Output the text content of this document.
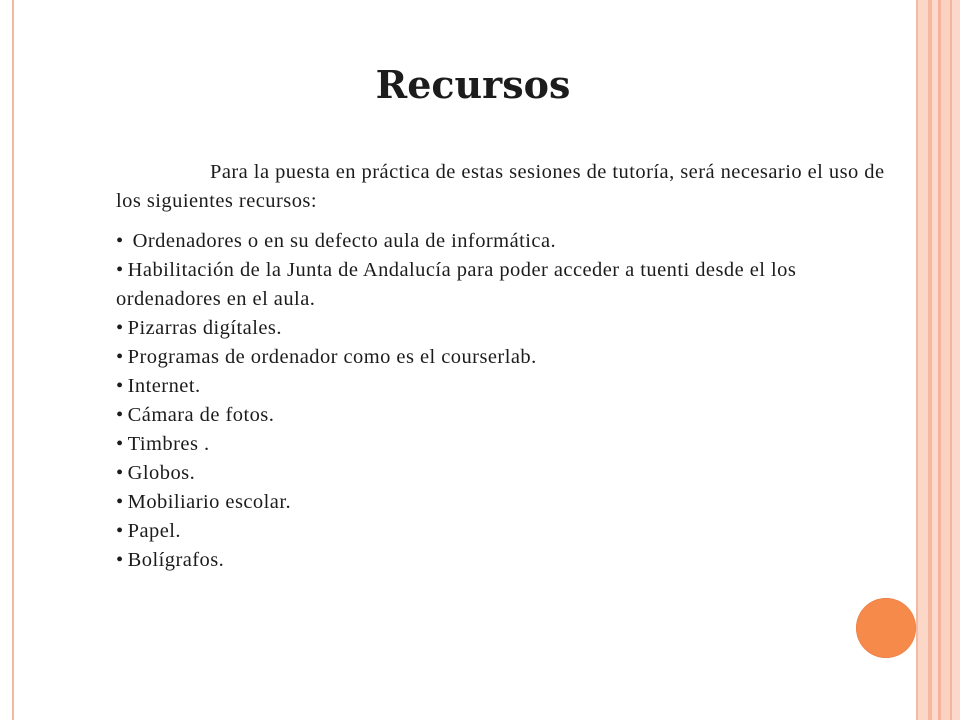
Recursos

Para la puesta en práctica de estas sesiones de tutoría, será necesario el uso de los siguientes recursos:

• Ordenadores o en su defecto aula de informática.
• Habilitación de la Junta de Andalucía para poder acceder a tuenti desde el los ordenadores en el aula.
• Pizarras digítales.
• Programas de ordenador como es el courserlab.
• Internet.
• Cámara de fotos.
• Timbres .
• Globos.
• Mobiliario escolar.
• Papel.
• Bolígrafos.
